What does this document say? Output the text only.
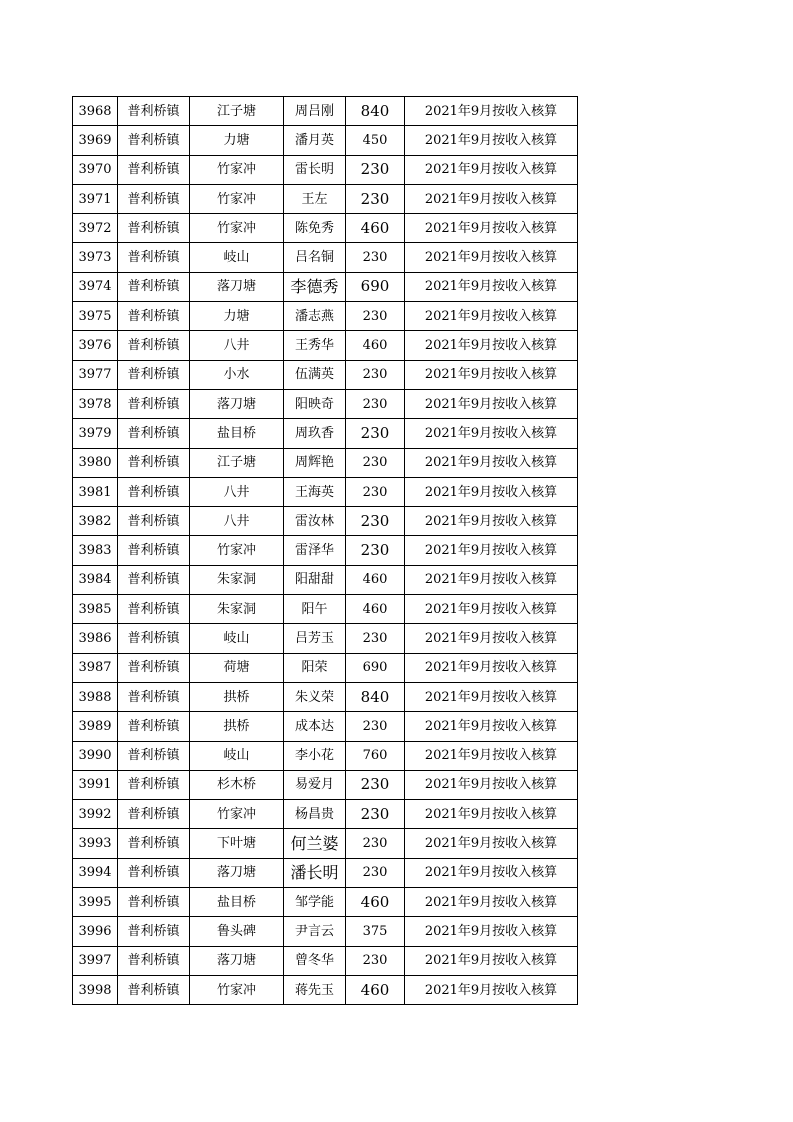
3968	普利桥镇	江子塘	周吕刚	840	2021年9月按收入核算
3969	普利桥镇	力塘	潘月英	450	2021年9月按收入核算
3970	普利桥镇	竹家冲	雷长明	230	2021年9月按收入核算
3971	普利桥镇	竹家冲	王左	230	2021年9月按收入核算
3972	普利桥镇	竹家冲	陈免秀	460	2021年9月按收入核算
3973	普利桥镇	岐山	吕名铜	230	2021年9月按收入核算
3974	普利桥镇	落刀塘	李德秀	690	2021年9月按收入核算
3975	普利桥镇	力塘	潘志燕	230	2021年9月按收入核算
3976	普利桥镇	八井	王秀华	460	2021年9月按收入核算
3977	普利桥镇	小水	伍满英	230	2021年9月按收入核算
3978	普利桥镇	落刀塘	阳映奇	230	2021年9月按收入核算
3979	普利桥镇	盐目桥	周玖香	230	2021年9月按收入核算
3980	普利桥镇	江子塘	周辉艳	230	2021年9月按收入核算
3981	普利桥镇	八井	王海英	230	2021年9月按收入核算
3982	普利桥镇	八井	雷汝林	230	2021年9月按收入核算
3983	普利桥镇	竹家冲	雷泽华	230	2021年9月按收入核算
3984	普利桥镇	朱家洞	阳甜甜	460	2021年9月按收入核算
3985	普利桥镇	朱家洞	阳午	460	2021年9月按收入核算
3986	普利桥镇	岐山	吕芳玉	230	2021年9月按收入核算
3987	普利桥镇	荷塘	阳荣	690	2021年9月按收入核算
3988	普利桥镇	拱桥	朱义荣	840	2021年9月按收入核算
3989	普利桥镇	拱桥	成本达	230	2021年9月按收入核算
3990	普利桥镇	岐山	李小花	760	2021年9月按收入核算
3991	普利桥镇	杉木桥	易爱月	230	2021年9月按收入核算
3992	普利桥镇	竹家冲	杨昌贵	230	2021年9月按收入核算
3993	普利桥镇	下叶塘	何兰婆	230	2021年9月按收入核算
3994	普利桥镇	落刀塘	潘长明	230	2021年9月按收入核算
3995	普利桥镇	盐目桥	邹学能	460	2021年9月按收入核算
3996	普利桥镇	鲁头碑	尹言云	375	2021年9月按收入核算
3997	普利桥镇	落刀塘	曾冬华	230	2021年9月按收入核算
3998	普利桥镇	竹家冲	蒋先玉	460	2021年9月按收入核算
